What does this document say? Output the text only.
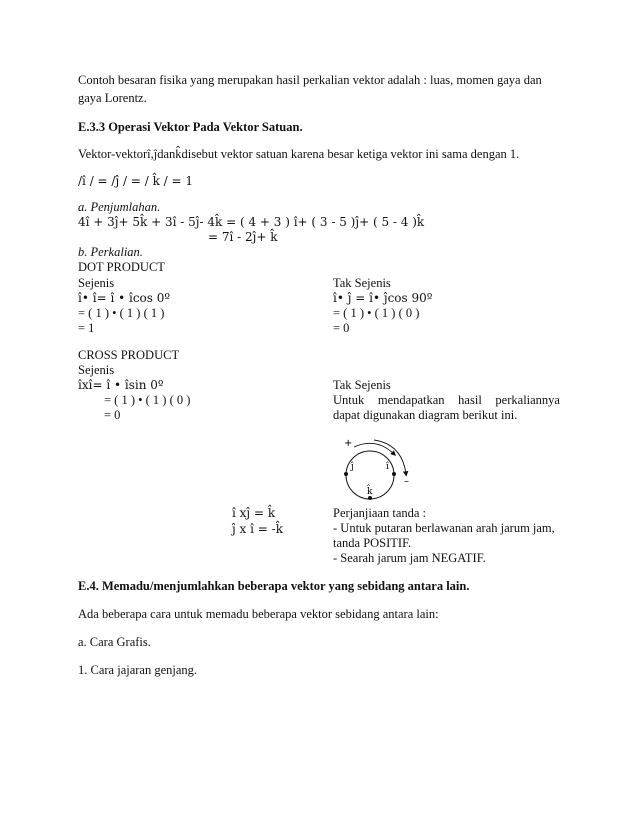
Contoh besaran fisika yang merupakan hasil perkalian vektor adalah : luas, momen gaya dan
gaya Lorentz.
E.3.3 Operasi Vektor Pada Vektor Satuan.
Vektor-vektorî,ĵdank̂disebut vektor satuan karena besar ketiga vektor ini sama dengan 1.
/î / = /ĵ / = / k̂ / = 1
a. Penjumlahan.
4î + 3ĵ+ 5k̂ + 3î - 5ĵ- 4k̂ = ( 4 + 3 ) î+ ( 3 - 5 )ĵ+ ( 5 - 4 )k̂
= 7î - 2ĵ+ k̂
b. Perkalian.
DOT PRODUCT
Sejenis
î• î= î • îcos 0º
= ( 1 ) • ( 1 ) ( 1 )
= 1
Tak Sejenis
î• ĵ = î• ĵcos 90º
= ( 1 ) • ( 1 ) ( 0 )
= 0
CROSS PRODUCT
Sejenis
îxî= î • îsin 0º
= ( 1 ) • ( 1 ) ( 0 )
= 0
Tak Sejenis
Untuk mendapatkan hasil perkaliannya
dapat digunakan diagram berikut ini.
+
–
î
ĵ
k̂
î xĵ = k̂
ĵ x î = -k̂
Perjanjiaan tanda :
- Untuk putaran berlawanan arah jarum jam,
tanda POSITIF.
- Searah jarum jam NEGATIF.
E.4. Memadu/menjumlahkan beberapa vektor yang sebidang antara lain.
Ada beberapa cara untuk memadu beberapa vektor sebidang antara lain:
a. Cara Grafis.
1. Cara jajaran genjang.
